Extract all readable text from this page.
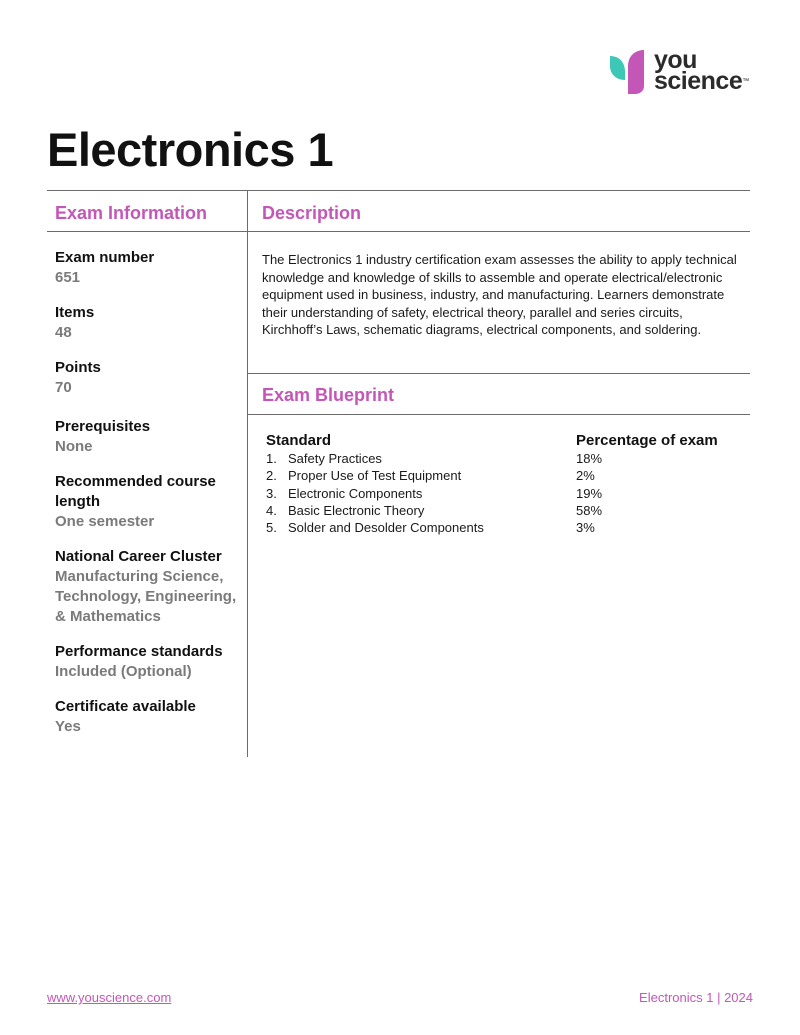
you
science™
Electronics 1
Exam Information	Description
Exam number
651
Items
48
Points
70
Prerequisites
None
Recommended course length
One semester
National Career Cluster
Manufacturing Science, Technology, Engineering, & Mathematics
Performance standards
Included (Optional)
Certificate available
Yes

The Electronics 1 industry certification exam assesses the ability to apply technical knowledge and knowledge of skills to assemble and operate electrical/electronic equipment used in business, industry, and manufacturing. Learners demonstrate their understanding of safety, electrical theory, parallel and series circuits, Kirchhoff’s Laws, schematic diagrams, electrical components, and soldering.

Exam Blueprint
Standard	Percentage of exam
1. Safety Practices	18%
2. Proper Use of Test Equipment	2%
3. Electronic Components	19%
4. Basic Electronic Theory	58%
5. Solder and Desolder Components	3%
www.youscience.com	Electronics 1 | 2024
